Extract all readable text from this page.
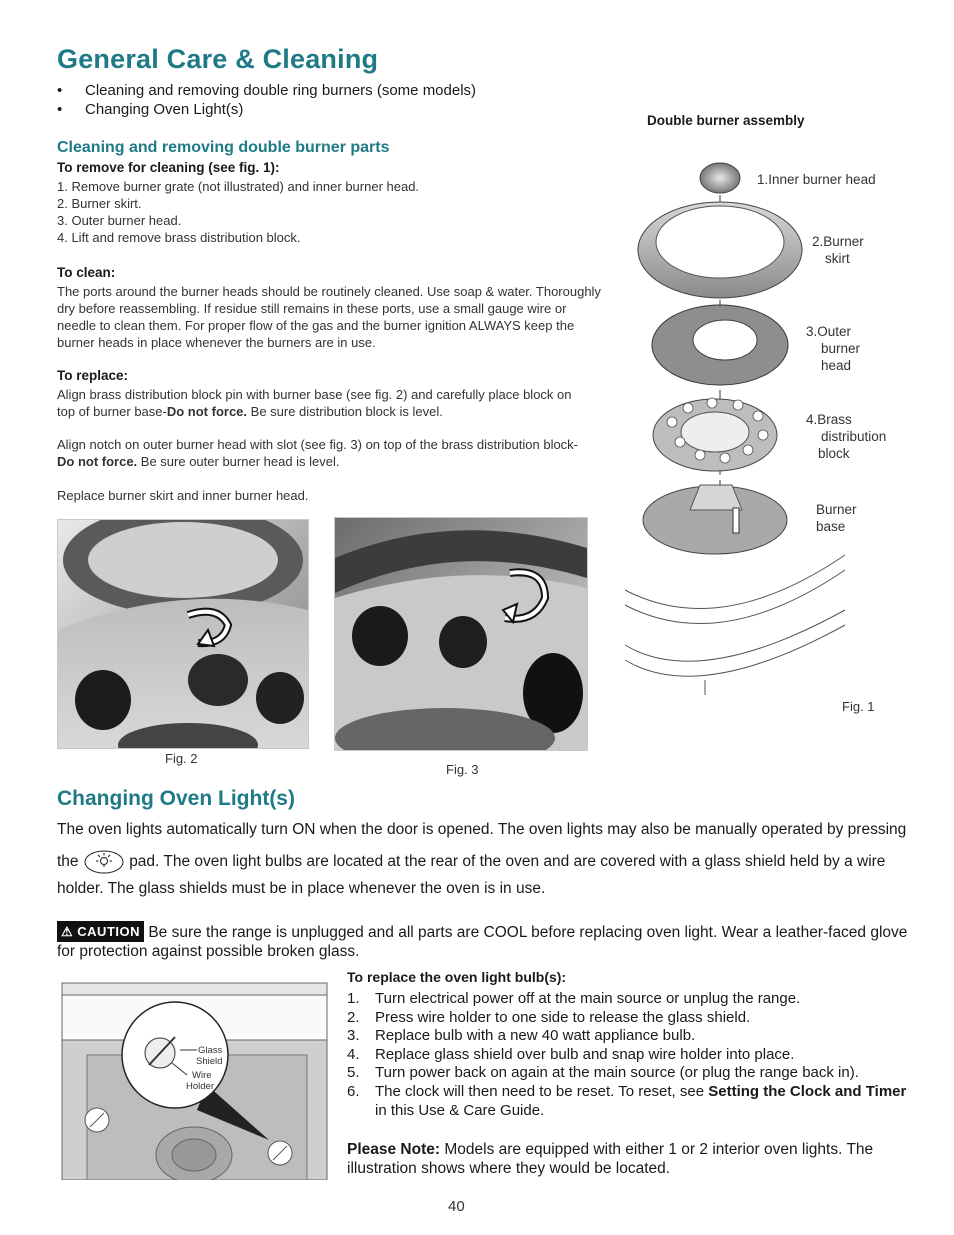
General Care & Cleaning
• Cleaning and removing double ring burners (some models)
• Changing Oven Light(s)
Cleaning and removing double burner parts
To remove for cleaning (see fig. 1):
1. Remove burner grate (not illustrated) and inner burner head.
2. Burner skirt.
3. Outer burner head.
4. Lift and remove brass distribution block.
To clean:
The ports around the burner heads should be routinely cleaned. Use soap & water. Thoroughly dry before reassembling. If residue still remains in these ports, use a small gauge wire or needle to clean them. For proper flow of the gas and the burner ignition ALWAYS keep the burner heads in place whenever the burners are in use.
To replace:
Align brass distribution block pin with burner base (see fig. 2) and carefully place block on top of burner base-Do not force. Be sure distribution block is level.
Align notch on outer burner head with slot (see fig. 3) on top of the brass distribution block-Do not force. Be sure outer burner head is level.
Replace burner skirt and inner burner head.
Fig. 2
Fig. 3
Double burner assembly
1.Inner burner head
2.Burner
skirt
3.Outer
burner
head
4.Brass
distribution
block
Burner
base
Fig. 1
Changing Oven Light(s)
The oven lights automatically turn ON when the door is opened. The oven lights may also be manually operated by pressing
the	pad. The oven light bulbs are located at the rear of the oven and are covered with a glass shield held by a wire
holder. The glass shields must be in place whenever the oven is in use.
⚠ CAUTION Be sure the range is unplugged and all parts are COOL before replacing oven light. Wear a leather-faced glove for protection against possible broken glass.
Glass
Shield
Wire
Holder
To replace the oven light bulb(s):
1. Turn electrical power off at the main source or unplug the range.
2. Press wire holder to one side to release the glass shield.
3. Replace bulb with a new 40 watt appliance bulb.
4. Replace glass shield over bulb and snap wire holder into place.
5. Turn power back on again at the main source (or plug the range back in).
6. The clock will then need to be reset. To reset, see Setting the Clock and Timer in this Use & Care Guide.
Please Note: Models are equipped with either 1 or 2 interior oven lights. The illustration shows where they would be located.
40
